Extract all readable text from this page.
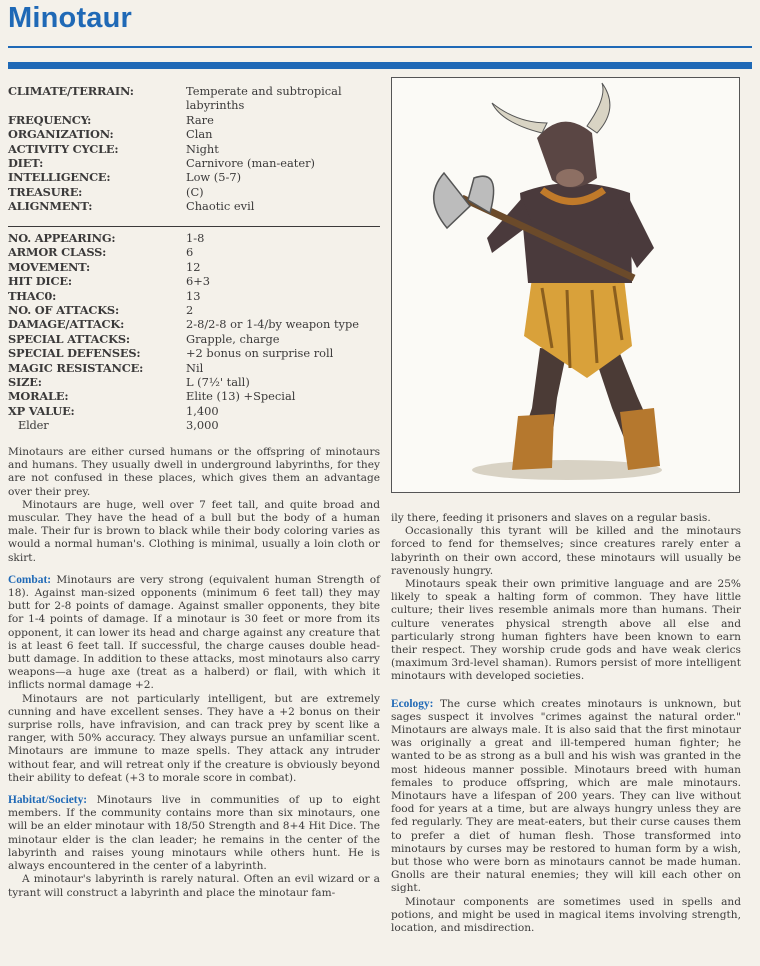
Minotaur
CLIMATE/TERRAIN:	Temperate and subtropical labyrinths
FREQUENCY:	Rare
ORGANIZATION:	Clan
ACTIVITY CYCLE:	Night
DIET:	Carnivore (man-eater)
INTELLIGENCE:	Low (5-7)
TREASURE:	(C)
ALIGNMENT:	Chaotic evil
NO. APPEARING:	1-8
ARMOR CLASS:	6
MOVEMENT:	12
HIT DICE:	6+3
THAC0:	13
NO. OF ATTACKS:	2
DAMAGE/ATTACK:	2-8/2-8 or 1-4/by weapon type
SPECIAL ATTACKS:	Grapple, charge
SPECIAL DEFENSES:	+2 bonus on surprise roll
MAGIC RESISTANCE:	Nil
SIZE:	L (7½' tall)
MORALE:	Elite (13) +Special
XP VALUE:	1,400
Elder	3,000

Minotaurs are either cursed humans or the offspring of minotaurs and humans. They usually dwell in underground labyrinths, for they are not confused in these places, which gives them an advantage over their prey.

Minotaurs are huge, well over 7 feet tall, and quite broad and muscular. They have the head of a bull but the body of a human male. Their fur is brown to black while their body coloring varies as would a normal human's. Clothing is minimal, usually a loin cloth or skirt.

Combat: Minotaurs are very strong (equivalent human Strength of 18). Against man-sized opponents (minimum 6 feet tall) they may butt for 2-8 points of damage. Against smaller opponents, they bite for 1-4 points of damage. If a minotaur is 30 feet or more from its opponent, it can lower its head and charge against any creature that is at least 6 feet tall. If successful, the charge causes double head-butt damage. In addition to these attacks, most minotaurs also carry weapons—a huge axe (treat as a halberd) or flail, with which it inflicts normal damage +2.

Minotaurs are not particularly intelligent, but are extremely cunning and have excellent senses. They have a +2 bonus on their surprise rolls, have infravision, and can track prey by scent like a ranger, with 50% accuracy. They always pursue an unfamiliar scent. Minotaurs are immune to maze spells. They attack any intruder without fear, and will retreat only if the creature is obviously beyond their ability to defeat (+3 to morale score in combat).

Habitat/Society: Minotaurs live in communities of up to eight members. If the community contains more than six minotaurs, one will be an elder minotaur with 18/50 Strength and 8+4 Hit Dice. The minotaur elder is the clan leader; he remains in the center of the labyrinth and raises young minotaurs while others hunt. He is always encountered in the center of a labyrinth.

A minotaur's labyrinth is rarely natural. Often an evil wizard or a tyrant will construct a labyrinth and place the minotaur fam-

ily there, feeding it prisoners and slaves on a regular basis.

Occasionally this tyrant will be killed and the minotaurs forced to fend for themselves; since creatures rarely enter a labyrinth on their own accord, these minotaurs will usually be ravenously hungry.

Minotaurs speak their own primitive language and are 25% likely to speak a halting form of common. They have little culture; their lives resemble animals more than humans. Their culture venerates physical strength above all else and particularly strong human fighters have been known to earn their respect. They worship crude gods and have weak clerics (maximum 3rd-level shaman). Rumors persist of more intelligent minotaurs with developed societies.

Ecology: The curse which creates minotaurs is unknown, but sages suspect it involves "crimes against the natural order." Minotaurs are always male. It is also said that the first minotaur was originally a great and ill-tempered human fighter; he wanted to be as strong as a bull and his wish was granted in the most hideous manner possible. Minotaurs breed with human females to produce offspring, which are male minotaurs. Minotaurs have a lifespan of 200 years. They can live without food for years at a time, but are always hungry unless they are fed regularly. They are meat-eaters, but their curse causes them to prefer a diet of human flesh. Those transformed into minotaurs by curses may be restored to human form by a wish, but those who were born as minotaurs cannot be made human. Gnolls are their natural enemies; they will kill each other on sight.

Minotaur components are sometimes used in spells and potions, and might be used in magical items involving strength, location, and misdirection.
